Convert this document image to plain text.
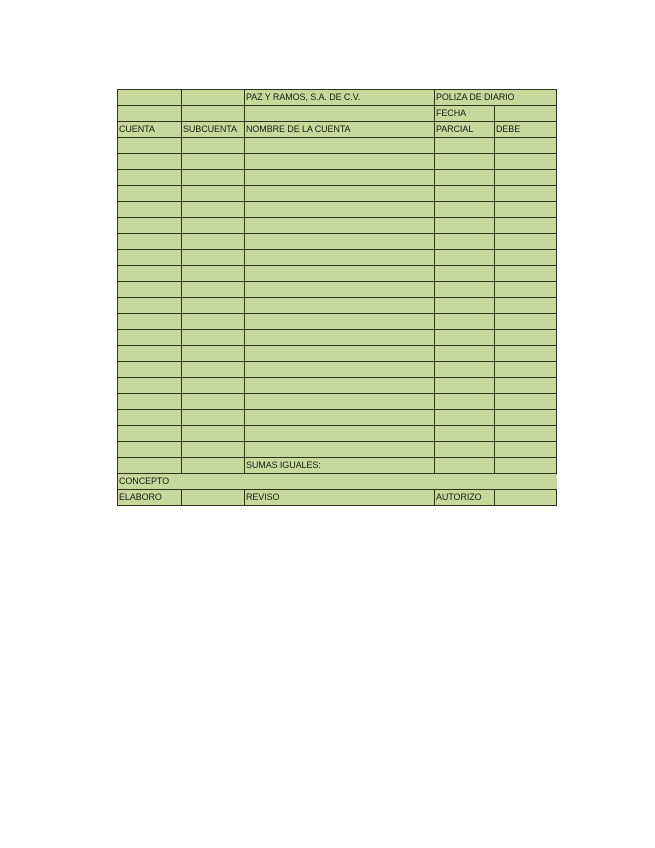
		PAZ Y RAMOS, S.A. DE C.V.	POLIZA DE DIARIO	
			FECHA	
CUENTA	SUBCUENTA	NOMBRE DE LA CUENTA	PARCIAL	DEBE

		SUMAS IGUALES:		
CONCEPTO				
ELABORO		REVISO	AUTORIZO	
